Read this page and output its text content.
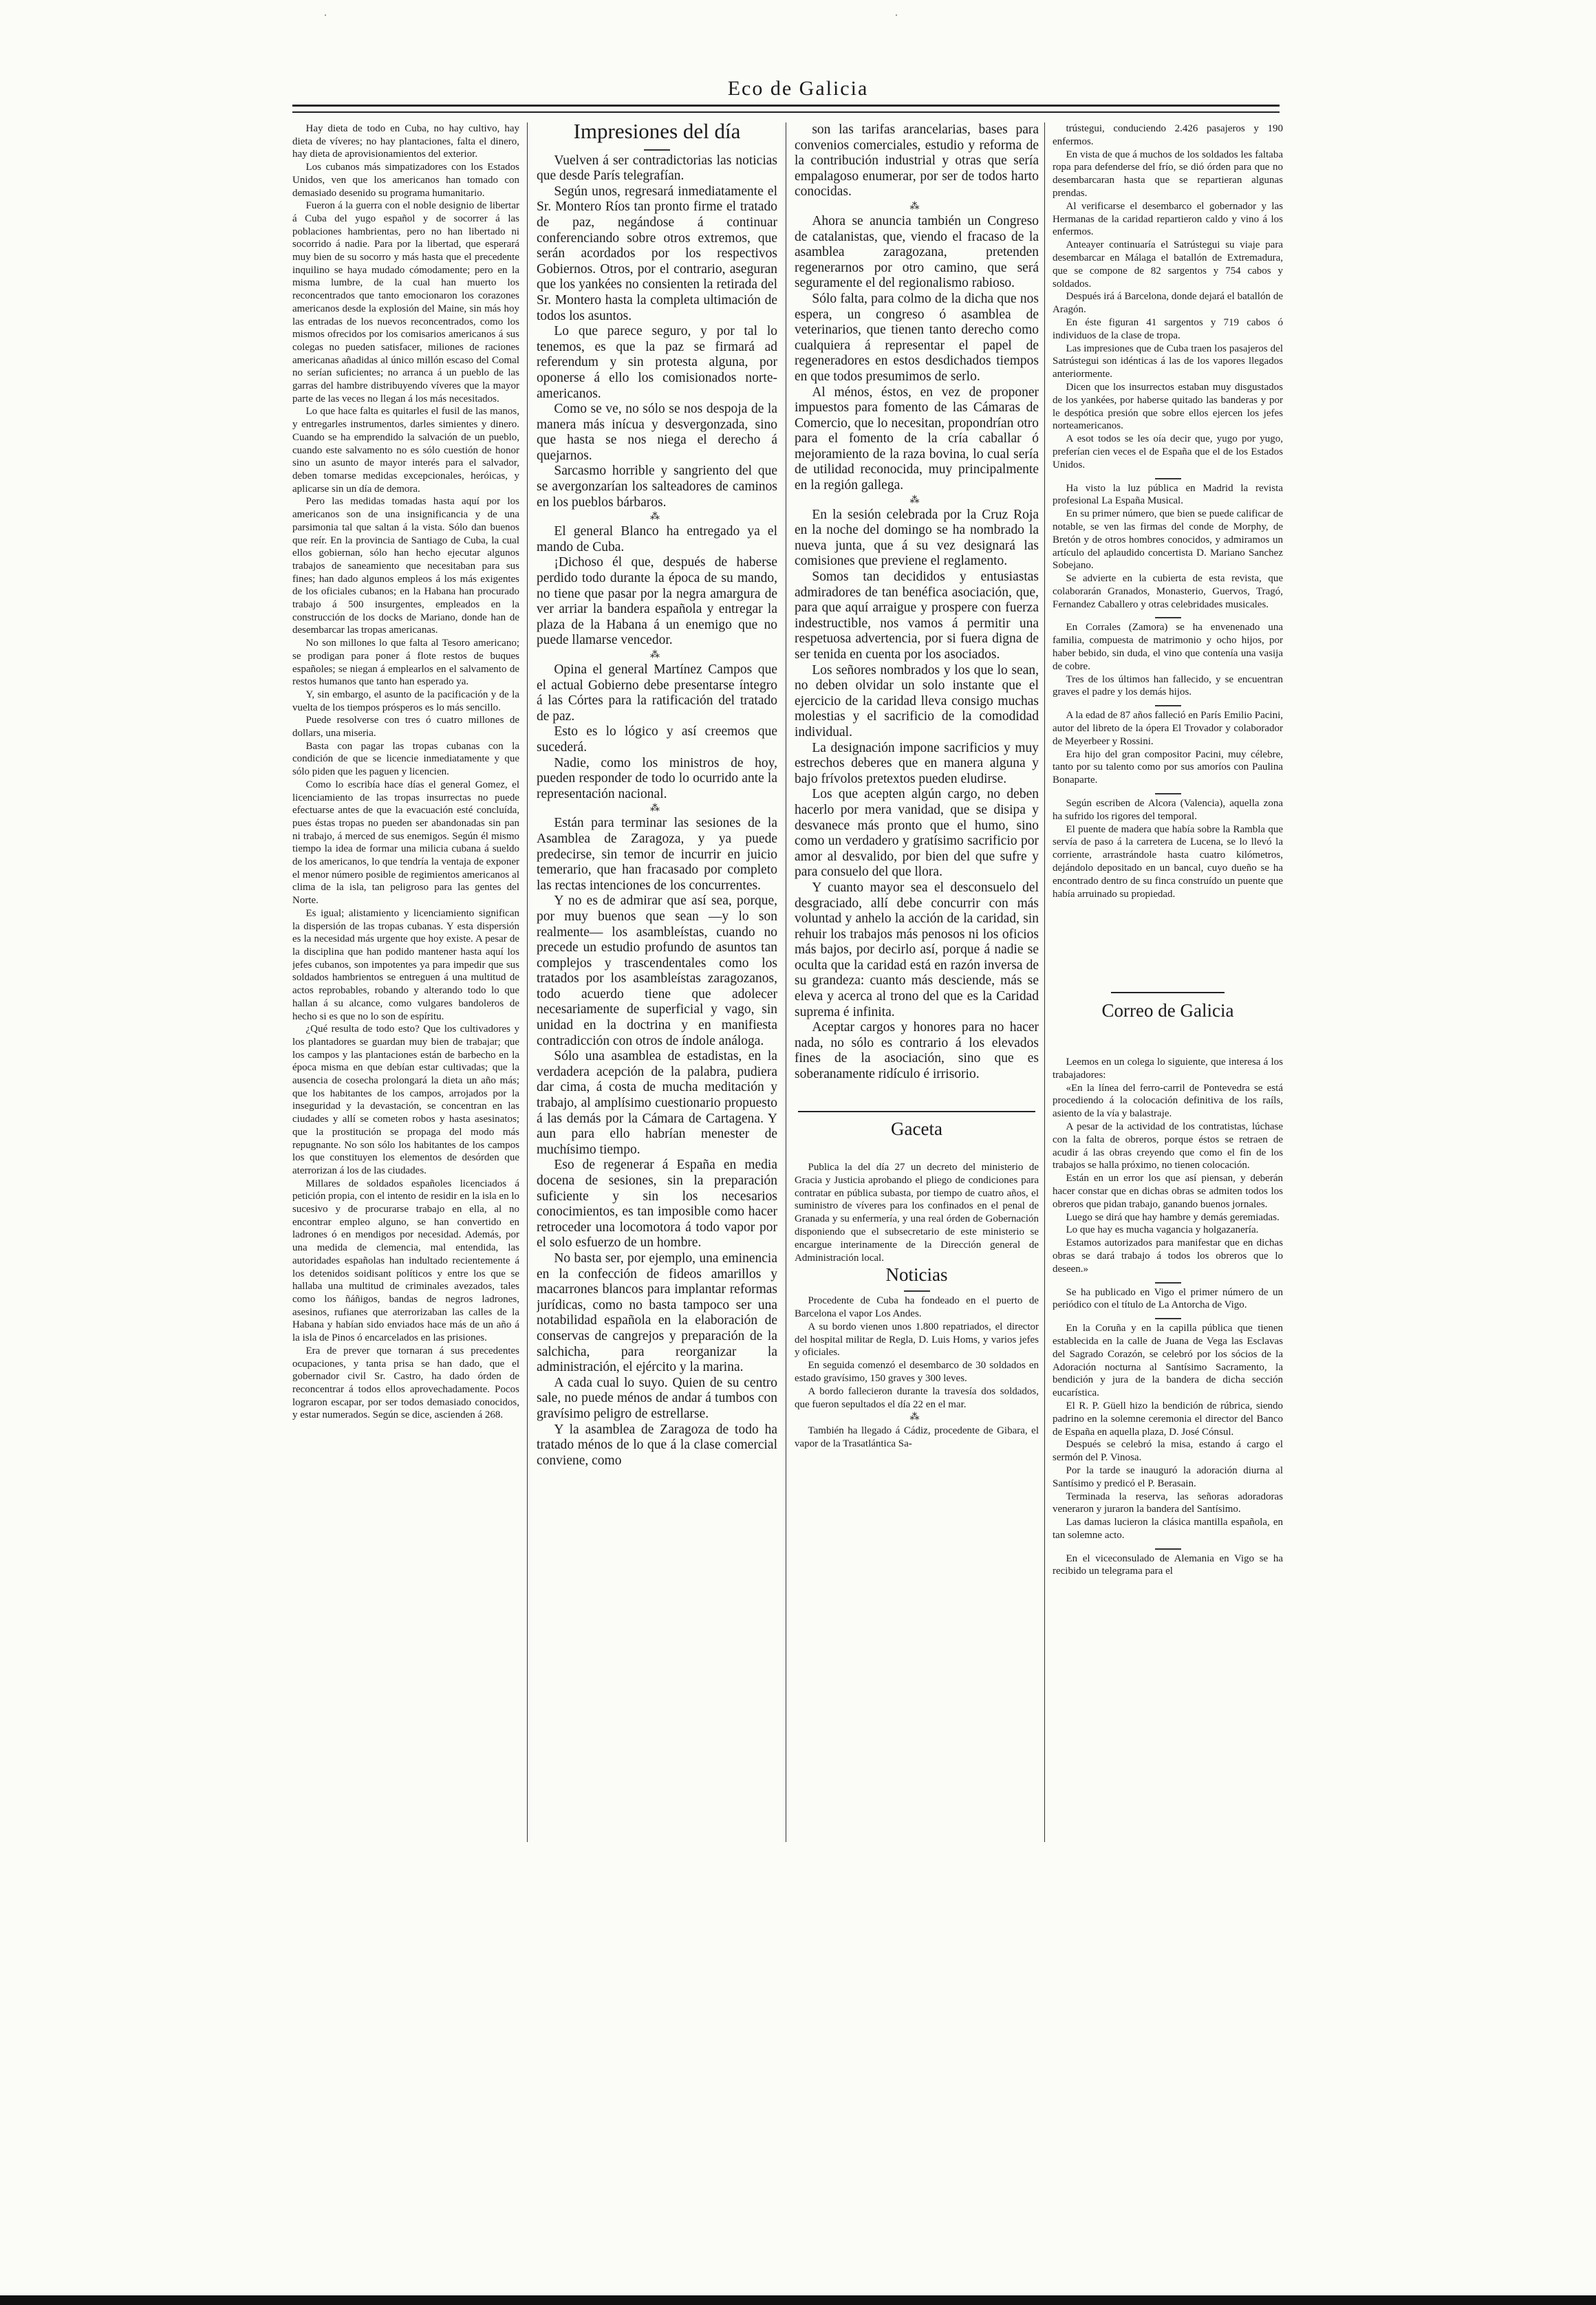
Eco de Galicia

Hay dieta de todo en Cuba, no hay cultivo, hay dieta de víveres; no hay plantaciones, falta el dinero, hay dieta de aprovisionamientos del exterior.

Los cubanos más simpatizadores con los Estados Unidos, ven que los americanos han tomado con demasiado desenido su programa humanitario.

Fueron á la guerra con el noble designio de libertar á Cuba del yugo español y de socorrer á las poblaciones hambrientas, pero no han libertado ni socorrido á nadie. Para por la libertad, que esperará muy bien de su socorro y más hasta que el precedente inquilino se haya mudado cómodamente; pero en la misma lumbre, de la cual han muerto los reconcentrados que tanto emocionaron los corazones americanos desde la explosión del Maine, sin más hoy las entradas de los nuevos reconcentrados, como los mismos ofrecidos por los comisarios americanos á sus colegas no pueden satisfacer, miliones de raciones americanas añadidas al único millón escaso del Comal no serían suficientes; no arranca á un pueblo de las garras del hambre distribuyendo víveres que la mayor parte de las veces no llegan á los más necesitados.

Lo que hace falta es quitarles el fusil de las manos, y entregarles instrumentos, darles simientes y dinero. Cuando se ha emprendido la salvación de un pueblo, cuando este salvamento no es sólo cuestión de honor sino un asunto de mayor interés para el salvador, deben tomarse medidas excepcionales, heróicas, y aplicarse sin un día de demora.

Pero las medidas tomadas hasta aquí por los americanos son de una insignificancia y de una parsimonia tal que saltan á la vista. Sólo dan buenos que reír. En la provincia de Santiago de Cuba, la cual ellos gobiernan, sólo han hecho ejecutar algunos trabajos de saneamiento que necesitaban para sus fines; han dado algunos empleos á los más exigentes de los oficiales cubanos; en la Habana han procurado trabajo á 500 insurgentes, empleados en la construcción de los docks de Mariano, donde han de desembarcar las tropas americanas.

No son millones lo que falta al Tesoro americano; se prodigan para poner á flote restos de buques españoles; se niegan á emplearlos en el salvamento de restos humanos que tanto han esperado ya.

Y, sin embargo, el asunto de la pacificación y de la vuelta de los tiempos prósperos es lo más sencillo.

Puede resolverse con tres ó cuatro millones de dollars, una miseria.

Basta con pagar las tropas cubanas con la condición de que se licencie inmediatamente y que sólo piden que les paguen y licencien.

Como lo escribía hace días el general Gomez, el licenciamiento de las tropas insurrectas no puede efectuarse antes de que la evacuación esté concluída, pues éstas tropas no pueden ser abandonadas sin pan ni trabajo, á merced de sus enemigos. Según él mismo tiempo la idea de formar una milicia cubana á sueldo de los americanos, lo que tendría la ventaja de exponer el menor número posible de regimientos americanos al clima de la isla, tan peligroso para las gentes del Norte.

Es igual; alistamiento y licenciamiento significan la dispersión de las tropas cubanas. Y esta dispersión es la necesidad más urgente que hoy existe. A pesar de la disciplina que han podido mantener hasta aquí los jefes cubanos, son impotentes ya para impedir que sus soldados hambrientos se entreguen á una multitud de actos reprobables, robando y alterando todo lo que hallan á su alcance, como vulgares bandoleros de hecho si es que no lo son de espíritu.

¿Qué resulta de todo esto? Que los cultivadores y los plantadores se guardan muy bien de trabajar; que los campos y las plantaciones están de barbecho en la época misma en que debían estar cultivadas; que la ausencia de cosecha prolongará la dieta un año más; que los habitantes de los campos, arrojados por la inseguridad y la devastación, se concentran en las ciudades y allí se cometen robos y hasta asesinatos; que la prostitución se propaga del modo más repugnante. No son sólo los habitantes de los campos los que constituyen los elementos de desórden que aterrorizan á los de las ciudades.

Millares de soldados españoles licenciados á petición propia, con el intento de residir en la isla en lo sucesivo y de procurarse trabajo en ella, al no encontrar empleo alguno, se han convertido en ladrones ó en mendigos por necesidad. Además, por una medida de clemencia, mal entendida, las autoridades españolas han indultado recientemente á los detenidos soidisant políticos y entre los que se hallaba una multitud de criminales avezados, tales como los ñáñigos, bandas de negros ladrones, asesinos, rufianes que aterrorizaban las calles de la Habana y habían sido enviados hace más de un año á la isla de Pinos ó encarcelados en las prisiones.

Era de prever que tornaran á sus precedentes ocupaciones, y tanta prisa se han dado, que el gobernador civil Sr. Castro, ha dado órden de reconcentrar á todos ellos aprovechadamente. Pocos lograron escapar, por ser todos demasiado conocidos, y estar numerados. Según se dice, ascienden á 268.

Impresiones del día

Vuelven á ser contradictorias las noticias que desde París telegrafían.

Según unos, regresará inmediatamente el Sr. Montero Ríos tan pronto firme el tratado de paz, negándose á continuar conferenciando sobre otros extremos, que serán acordados por los respectivos Gobiernos. Otros, por el contrario, aseguran que los yankées no consienten la retirada del Sr. Montero hasta la completa ultimación de todos los asuntos.

Lo que parece seguro, y por tal lo tenemos, es que la paz se firmará ad referendum y sin protesta alguna, por oponerse á ello los comisionados norte-americanos.

Como se ve, no sólo se nos despoja de la manera más inícua y desvergonzada, sino que hasta se nos niega el derecho á quejarnos.

Sarcasmo horrible y sangriento del que se avergonzarían los salteadores de caminos en los pueblos bárbaros.

⁂

El general Blanco ha entregado ya el mando de Cuba.

¡Dichoso él que, después de haberse perdido todo durante la época de su mando, no tiene que pasar por la negra amargura de ver arriar la bandera española y entregar la plaza de la Habana á un enemigo que no puede llamarse vencedor.

⁂

Opina el general Martínez Campos que el actual Gobierno debe presentarse íntegro á las Córtes para la ratificación del tratado de paz.

Esto es lo lógico y así creemos que sucederá.

Nadie, como los ministros de hoy, pueden responder de todo lo ocurrido ante la representación nacional.

⁂

Están para terminar las sesiones de la Asamblea de Zaragoza, y ya puede predecirse, sin temor de incurrir en juicio temerario, que han fracasado por completo las rectas intenciones de los concurrentes.

Y no es de admirar que así sea, porque, por muy buenos que sean —y lo son realmente— los asambleístas, cuando no precede un estudio profundo de asuntos tan complejos y trascendentales como los tratados por los asambleístas zaragozanos, todo acuerdo tiene que adolecer necesariamente de superficial y vago, sin unidad en la doctrina y en manifiesta contradicción con otros de índole análoga.

Sólo una asamblea de estadistas, en la verdadera acepción de la palabra, pudiera dar cima, á costa de mucha meditación y trabajo, al amplísimo cuestionario propuesto á las demás por la Cámara de Cartagena. Y aun para ello habrían menester de muchísimo tiempo.

Eso de regenerar á España en media docena de sesiones, sin la preparación suficiente y sin los necesarios conocimientos, es tan imposible como hacer retroceder una locomotora á todo vapor por el solo esfuerzo de un hombre.

No basta ser, por ejemplo, una eminencia en la confección de fideos amarillos y macarrones blancos para implantar reformas jurídicas, como no basta tampoco ser una notabilidad española en la elaboración de conservas de cangrejos y preparación de la salchicha, para reorganizar la administración, el ejército y la marina.

A cada cual lo suyo. Quien de su centro sale, no puede ménos de andar á tumbos con gravísimo peligro de estrellarse.

Y la asamblea de Zaragoza de todo ha tratado ménos de lo que á la clase comercial conviene, como

son las tarifas arancelarias, bases para convenios comerciales, estudio y reforma de la contribución industrial y otras que sería empalagoso enumerar, por ser de todos harto conocidas.

⁂

Ahora se anuncia también un Congreso de catalanistas, que, viendo el fracaso de la asamblea zaragozana, pretenden regenerarnos por otro camino, que será seguramente el del regionalismo rabioso.

Sólo falta, para colmo de la dicha que nos espera, un congreso ó asamblea de veterinarios, que tienen tanto derecho como cualquiera á representar el papel de regeneradores en estos desdichados tiempos en que todos presumimos de serlo.

Al ménos, éstos, en vez de proponer impuestos para fomento de las Cámaras de Comercio, que lo necesitan, propondrían otro para el fomento de la cría caballar ó mejoramiento de la raza bovina, lo cual sería de utilidad reconocida, muy principalmente en la región gallega.

⁂

En la sesión celebrada por la Cruz Roja en la noche del domingo se ha nombrado la nueva junta, que á su vez designará las comisiones que previene el reglamento.

Somos tan decididos y entusiastas admiradores de tan benéfica asociación, que, para que aquí arraigue y prospere con fuerza indestructible, nos vamos á permitir una respetuosa advertencia, por si fuera digna de ser tenida en cuenta por los asociados.

Los señores nombrados y los que lo sean, no deben olvidar un solo instante que el ejercicio de la caridad lleva consigo muchas molestias y el sacrificio de la comodidad individual.

La designación impone sacrificios y muy estrechos deberes que en manera alguna y bajo frívolos pretextos pueden eludirse.

Los que acepten algún cargo, no deben hacerlo por mera vanidad, que se disipa y desvanece más pronto que el humo, sino como un verdadero y gratísimo sacrificio por amor al desvalido, por bien del que sufre y para consuelo del que llora.

Y cuanto mayor sea el desconsuelo del desgraciado, allí debe concurrir con más voluntad y anhelo la acción de la caridad, sin rehuir los trabajos más penosos ni los oficios más bajos, por decirlo así, porque á nadie se oculta que la caridad está en razón inversa de su grandeza: cuanto más desciende, más se eleva y acerca al trono del que es la Caridad suprema é infinita.

Aceptar cargos y honores para no hacer nada, no sólo es contrario á los elevados fines de la asociación, sino que es soberanamente ridículo é irrisorio.

Gaceta

Publica la del día 27 un decreto del ministerio de Gracia y Justicia aprobando el pliego de condiciones para contratar en pública subasta, por tiempo de cuatro años, el suministro de víveres para los confinados en el penal de Granada y su enfermería, y una real órden de Gobernación disponiendo que el subsecretario de este ministerio se encargue interinamente de la Dirección general de Administración local.

Noticias

Procedente de Cuba ha fondeado en el puerto de Barcelona el vapor Los Andes.

A su bordo vienen unos 1.800 repatriados, el director del hospital militar de Regla, D. Luis Homs, y varios jefes y oficiales.

En seguida comenzó el desembarco de 30 soldados en estado gravísimo, 150 graves y 300 leves.

A bordo fallecieron durante la travesía dos soldados, que fueron sepultados el día 22 en el mar.

⁂

También ha llegado á Cádiz, procedente de Gibara, el vapor de la Trasatlántica Sa-

trústegui, conduciendo 2.426 pasajeros y 190 enfermos.

En vista de que á muchos de los soldados les faltaba ropa para defenderse del frío, se dió órden para que no desembarcaran hasta que se repartieran algunas prendas.

Al verificarse el desembarco el gobernador y las Hermanas de la caridad repartieron caldo y vino á los enfermos.

Anteayer continuaría el Satrústegui su viaje para desembarcar en Málaga el batallón de Extremadura, que se compone de 82 sargentos y 754 cabos y soldados.

Después irá á Barcelona, donde dejará el batallón de Aragón.

En éste figuran 41 sargentos y 719 cabos ó individuos de la clase de tropa.

Las impresiones que de Cuba traen los pasajeros del Satrústegui son idénticas á las de los vapores llegados anteriormente.

Dicen que los insurrectos estaban muy disgustados de los yankées, por haberse quitado las banderas y por le despótica presión que sobre ellos ejercen los jefes norteamericanos.

A esot todos se les oía decir que, yugo por yugo, preferían cien veces el de España que el de los Estados Unidos.

Ha visto la luz pública en Madrid la revista profesional La España Musical.

En su primer número, que bien se puede calificar de notable, se ven las firmas del conde de Morphy, de Bretón y de otros hombres conocidos, y admiramos un artículo del aplaudido concertista D. Mariano Sanchez Sobejano.

Se advierte en la cubierta de esta revista, que colaborarán Granados, Monasterio, Guervos, Tragó, Fernandez Caballero y otras celebridades musicales.

En Corrales (Zamora) se ha envenenado una familia, compuesta de matrimonio y ocho hijos, por haber bebido, sin duda, el vino que contenía una vasija de cobre.

Tres de los últimos han fallecido, y se encuentran graves el padre y los demás hijos.

A la edad de 87 años falleció en París Emilio Pacini, autor del libreto de la ópera El Trovador y colaborador de Meyerbeer y Rossini.

Era hijo del gran compositor Pacini, muy célebre, tanto por su talento como por sus amoríos con Paulina Bonaparte.

Según escriben de Alcora (Valencia), aquella zona ha sufrido los rigores del temporal.

El puente de madera que había sobre la Rambla que servía de paso á la carretera de Lucena, se lo llevó la corriente, arrastrándole hasta cuatro kilómetros, dejándolo depositado en un bancal, cuyo dueño se ha encontrado dentro de su finca construído un puente que había arruinado su propiedad.

Correo de Galicia

Leemos en un colega lo siguiente, que interesa á los trabajadores:

«En la línea del ferro-carril de Pontevedra se está procediendo á la colocación definitiva de los raíls, asiento de la vía y balastraje.

A pesar de la actividad de los contratistas, lúchase con la falta de obreros, porque éstos se retraen de acudir á las obras creyendo que como el fin de los trabajos se halla próximo, no tienen colocación.

Están en un error los que así piensan, y deberán hacer constar que en dichas obras se admiten todos los obreros que pidan trabajo, ganando buenos jornales.

Luego se dirá que hay hambre y demás geremiadas.

Lo que hay es mucha vagancia y holgazanería.

Estamos autorizados para manifestar que en dichas obras se dará trabajo á todos los obreros que lo deseen.»

Se ha publicado en Vigo el primer número de un periódico con el título de La Antorcha de Vigo.

En la Coruña y en la capilla pública que tienen establecida en la calle de Juana de Vega las Esclavas del Sagrado Corazón, se celebró por los sócios de la Adoración nocturna al Santísimo Sacramento, la bendición y jura de la bandera de dicha sección eucarística.

El R. P. Güell hizo la bendición de rúbrica, siendo padrino en la solemne ceremonia el director del Banco de España en aquella plaza, D. José Cónsul.

Después se celebró la misa, estando á cargo el sermón del P. Vinosa.

Por la tarde se inauguró la adoración diurna al Santísimo y predicó el P. Berasain.

Terminada la reserva, las señoras adoradoras veneraron y juraron la bandera del Santísimo.

Las damas lucieron la clásica mantilla española, en tan solemne acto.

En el viceconsulado de Alemania en Vigo se ha recibido un telegrama para el

·	·
